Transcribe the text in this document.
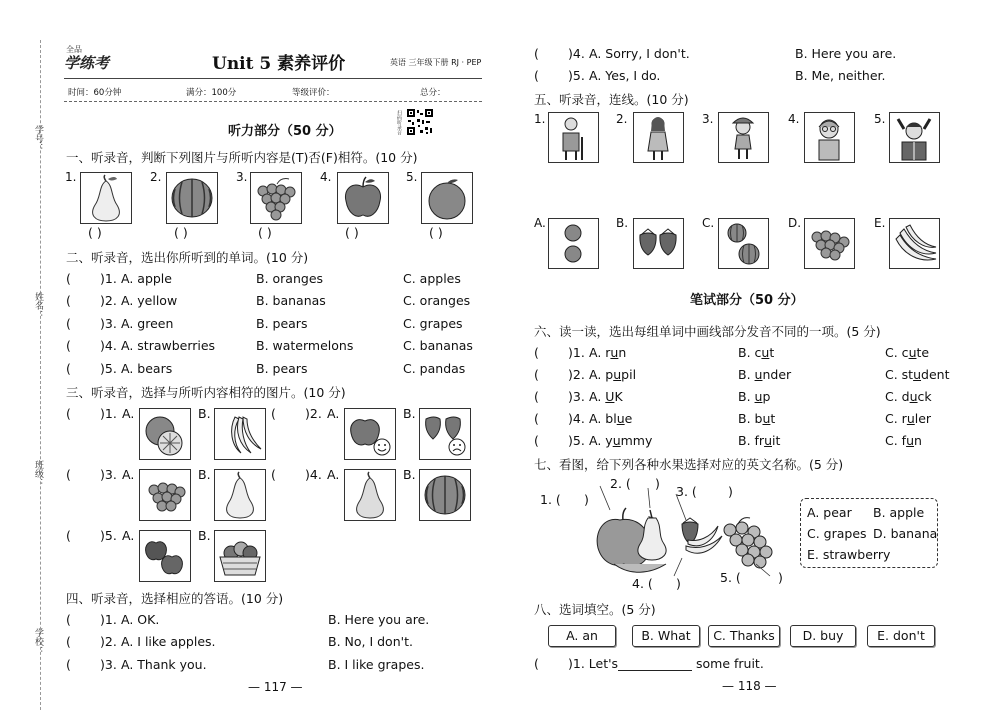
学号：
姓名：
班级：
学校：
全品
学练考	Unit 5 素养评价	英语 三年级下册 RJ · PEP
时间：60分钟	满分：100分	等级评价：	总分：
扫码听录音
听力部分（50 分）
一、听录音，判断下列图片与所听内容是(T)否(F)相符。(10 分)
1.	2.	3.	4.	5.
( )	( )	( )	( )	( )
二、听录音，选出你所听到的单词。(10 分)
( )1. A. apple	B. oranges	C. apples
( )2. A. yellow	B. bananas	C. oranges
( )3. A. green	B. pears	C. grapes
( )4. A. strawberries	B. watermelons	C. bananas
( )5. A. bears	B. pears	C. pandas
三、听录音，选择与所听内容相符的图片。(10 分)
( )1. A.	B.	( )2. A.	B.
( )3. A.	B.	( )4. A.	B.
( )5. A.	B.
四、听录音，选择相应的答语。(10 分)
( )1. A. OK.	B. Here you are.
( )2. A. I like apples.	B. No, I don't.
( )3. A. Thank you.	B. I like grapes.
— 117 —
( )4. A. Sorry, I don't.	B. Here you are.
( )5. A. Yes, I do.	B. Me, neither.
五、听录音，连线。(10 分)
1.	2.	3.	4.	5.
A.	B.	C.	D.	E.
笔试部分（50 分）
六、读一读，选出每组单词中画线部分发音不同的一项。(5 分)
( )1. A. run	B. cut	C. cute
( )2. A. pupil	B. under	C. student
( )3. A. UK	B. up	C. duck
( )4. A. blue	B. but	C. ruler
( )5. A. yummy	B. fruit	C. fun
七、看图，给下列各种水果选择对应的英文名称。(5 分)
1. ( )
2. ( )
3. ( )
4. ( )	5. (	)
A. pear B. apple
C. grapes D. banana
E. strawberry
八、选词填空。(5 分)
A. an	B. What	C. Thanks	D. buy	E. don't
( )1. Let's	some fruit.
— 118 —
